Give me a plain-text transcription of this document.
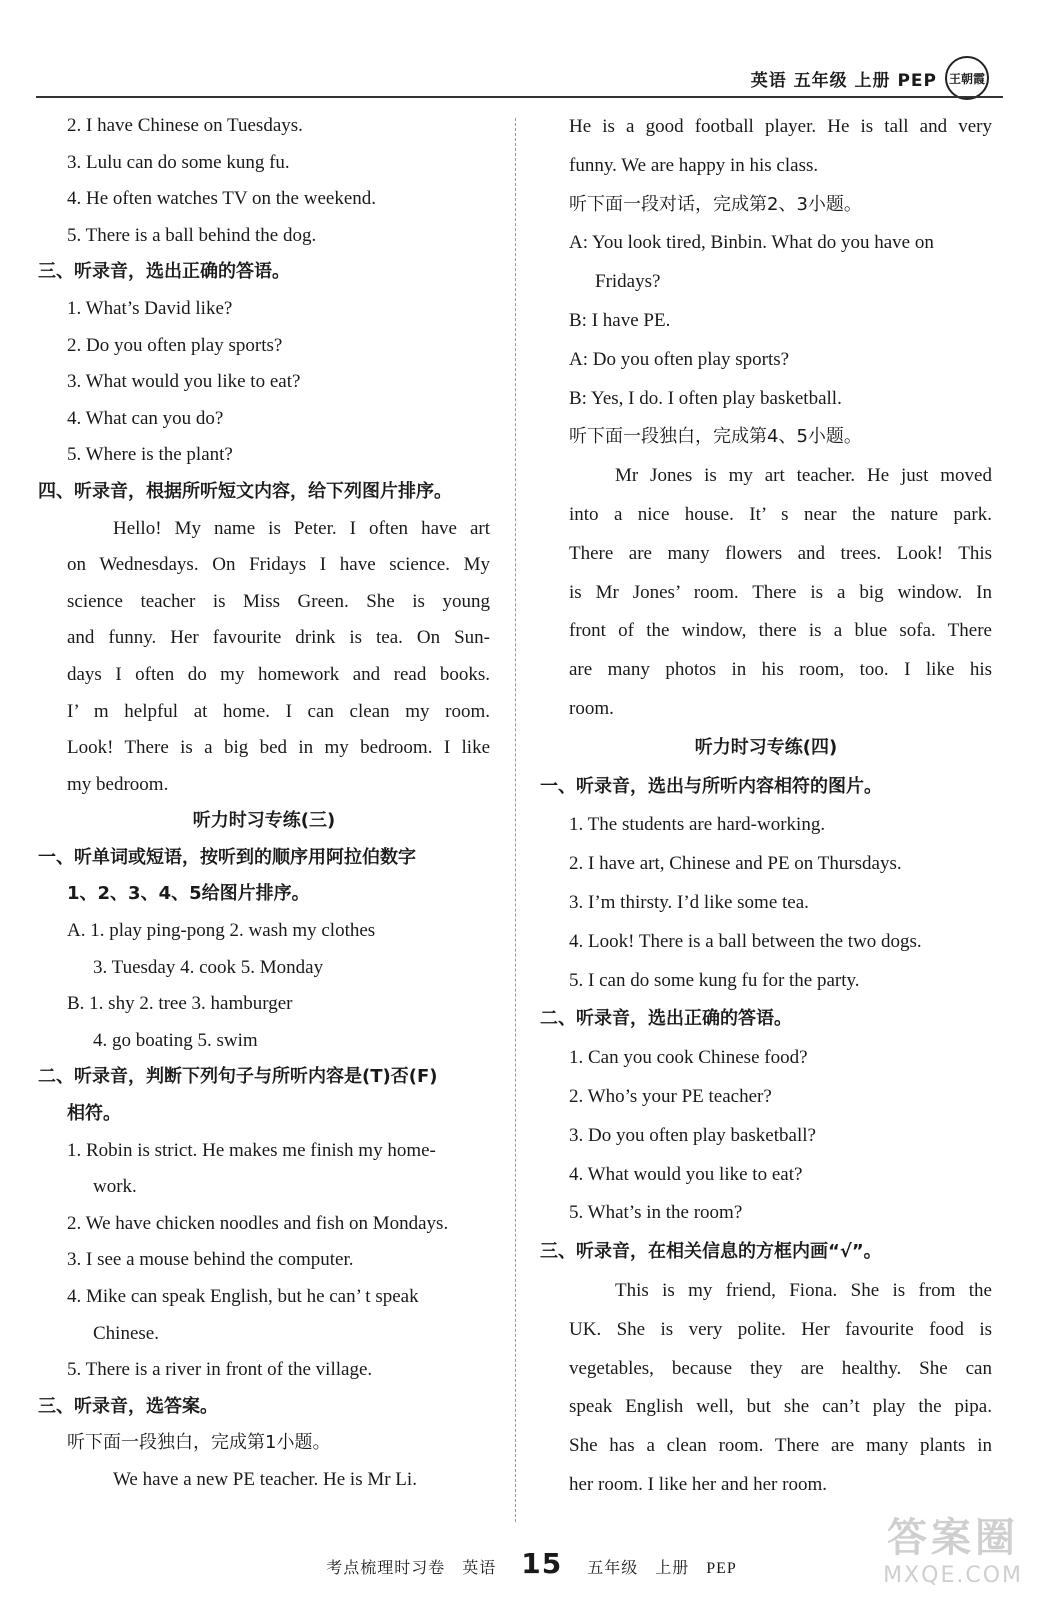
英语 五年级 上册 PEP 王朝霞
2. I have Chinese on Tuesdays.
3. Lulu can do some kung fu.
4. He often watches TV on the weekend.
5. There is a ball behind the dog.
三、听录音，选出正确的答语。
1. What’s David like?
2. Do you often play sports?
3. What would you like to eat?
4. What can you do?
5. Where is the plant?
四、听录音，根据所听短文内容，给下列图片排序。
Hello! My name is Peter. I often have art
on Wednesdays. On Fridays I have science. My
science teacher is Miss Green. She is young
and funny. Her favourite drink is tea. On Sun-
days I often do my homework and read books.
I’ m helpful at home. I can clean my room.
Look! There is a big bed in my bedroom. I like
my bedroom.
听力时习专练(三)
一、听单词或短语，按听到的顺序用阿拉伯数字
1、2、3、4、5给图片排序。
A. 1. play ping-pong 2. wash my clothes
3. Tuesday 4. cook 5. Monday
B. 1. shy 2. tree 3. hamburger
4. go boating 5. swim
二、听录音，判断下列句子与所听内容是(T)否(F)
相符。
1. Robin is strict. He makes me finish my home-
work.
2. We have chicken noodles and fish on Mondays.
3. I see a mouse behind the computer.
4. Mike can speak English, but he can’ t speak
Chinese.
5. There is a river in front of the village.
三、听录音，选答案。
听下面一段独白，完成第1小题。
We have a new PE teacher. He is Mr Li.
He is a good football player. He is tall and very
funny. We are happy in his class.
听下面一段对话，完成第2、3小题。
A: You look tired, Binbin. What do you have on
Fridays?
B: I have PE.
A: Do you often play sports?
B: Yes, I do. I often play basketball.
听下面一段独白，完成第4、5小题。
Mr Jones is my art teacher. He just moved
into a nice house. It’ s near the nature park.
There are many flowers and trees. Look! This
is Mr Jones’ room. There is a big window. In
front of the window, there is a blue sofa. There
are many photos in his room, too. I like his
room.
听力时习专练(四)
一、听录音，选出与所听内容相符的图片。
1. The students are hard-working.
2. I have art, Chinese and PE on Thursdays.
3. I’m thirsty. I’d like some tea.
4. Look! There is a ball between the two dogs.
5. I can do some kung fu for the party.
二、听录音，选出正确的答语。
1. Can you cook Chinese food?
2. Who’s your PE teacher?
3. Do you often play basketball?
4. What would you like to eat?
5. What’s in the room?
三、听录音，在相关信息的方框内画“√”。
This is my friend, Fiona. She is from the
UK. She is very polite. Her favourite food is
vegetables, because they are healthy. She can
speak English well, but she can’t play the pipa.
She has a clean room. There are many plants in
her room. I like her and her room.
考点梳理时习卷 英语 15 五年级 上册 PEP
答案圈
MXQE.COM
